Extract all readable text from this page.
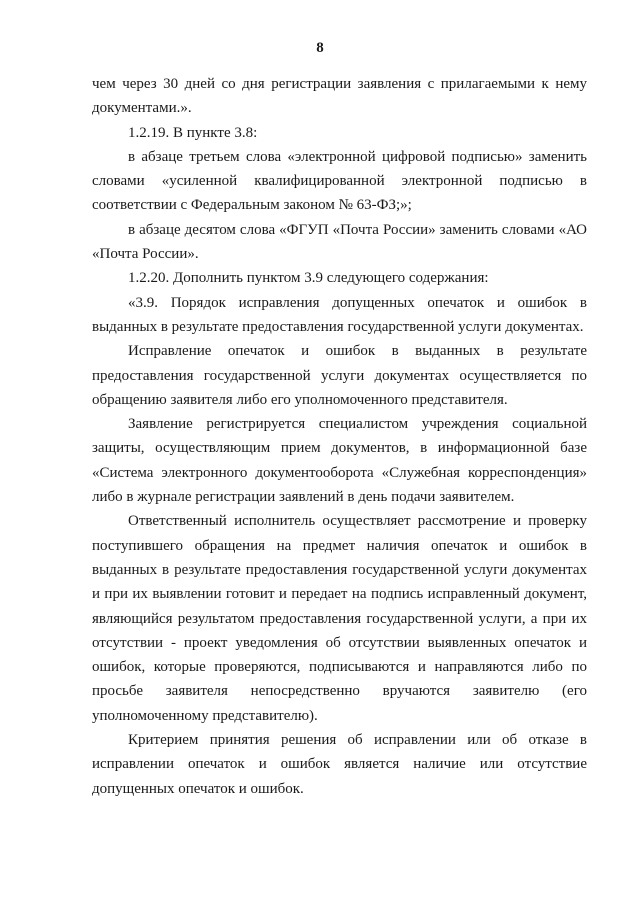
8

чем через 30 дней со дня регистрации заявления с прилагаемыми к нему документами.».

1.2.19. В пункте 3.8:

в абзаце третьем слова «электронной цифровой подписью» заменить словами «усиленной квалифицированной электронной подписью в соответствии с Федеральным законом № 63-ФЗ;»;

в абзаце десятом слова «ФГУП «Почта России» заменить словами «АО «Почта России».

1.2.20. Дополнить пунктом 3.9 следующего содержания:

«3.9. Порядок исправления допущенных опечаток и ошибок в выданных в результате предоставления государственной услуги документах.

Исправление опечаток и ошибок в выданных в результате предоставления государственной услуги документах осуществляется по обращению заявителя либо его уполномоченного представителя.

Заявление регистрируется специалистом учреждения социальной защиты, осуществляющим прием документов, в информационной базе «Система электронного документооборота «Служебная корреспонденция» либо в журнале регистрации заявлений в день подачи заявителем.

Ответственный исполнитель осуществляет рассмотрение и проверку поступившего обращения на предмет наличия опечаток и ошибок в выданных в результате предоставления государственной услуги документах и при их выявлении готовит и передает на подпись исправленный документ, являющийся результатом предоставления государственной услуги, а при их отсутствии - проект уведомления об отсутствии выявленных опечаток и ошибок, которые проверяются, подписываются и направляются либо по просьбе заявителя непосредственно вручаются заявителю (его уполномоченному представителю).

Критерием принятия решения об исправлении или об отказе в исправлении опечаток и ошибок является наличие или отсутствие допущенных опечаток и ошибок.
